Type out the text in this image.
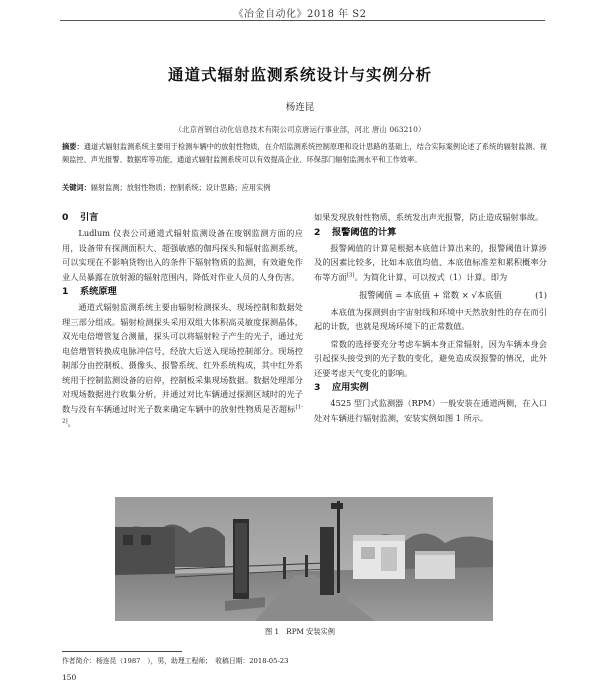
《冶金自动化》2018 年 S2
通道式辐射监测系统设计与实例分析
杨连昆
（北京首钢自动化信息技术有限公司京唐运行事业部，河北 唐山 063210）
摘要：通道式辐射监测系统主要用于检测车辆中的放射性物质，在介绍监测系统控制原理和设计思路的基础上，结合实际案例论述了系统的辐射监测、视频监控、声光报警、数据库等功能，通道式辐射监测系统可以有效提高企业、环保部门辐射监测水平和工作效率。
关键词：辐射监测；放射性物质；控制系统；设计思路；应用实例
0 引言

Ludlum 仪表公司通道式辐射监测设备在废钢监测方面的应用，设备带有探测面积大、超强敏感的伽玛探头和辐射监测系统，可以实现在不影响货物出入的条件下辐射物质的监测，有效避免作业人员暴露在放射源的辐射范围内，降低对作业人员的人身伤害。

1 系统原理

通道式辐射监测系统主要由辐射检测探头、现场控制和数据处理三部分组成。辐射检测探头采用双组大体积高灵敏度探测晶体，双光电倍增管复合测量，探头可以将辐射粒子产生的光子，通过光电倍增管转换成电脉冲信号，经放大后送入现场控制部分。现场控制部分由控制板、摄像头、报警系统、红外系统构成，其中红外系统用于控制监测设备的启停，控制板采集现场数据。数据处理部分对现场数据进行收集分析，并通过对比车辆通过探测区域时的光子数与没有车辆通过时光子数来确定车辆中的放射性物质是否超标[1-2]。

如果发现放射性物质，系统发出声光报警，防止造成辐射事故。

2 报警阈值的计算

报警阈值的计算是根据本底值计算出来的，报警阈值计算涉及的因素比较多，比如本底值均值、本底值标准差和累积概率分布等方面[3]。为简化计算，可以按式（1）计算。即为

报警阈值 = 本底值 + 常数 × √本底值	(1)

本底值为探测到由宇宙射线和环境中天然放射性的存在而引起的计数，也就是现场环境下的正常数值。

常数的选择要充分考虑车辆本身正常辐射，因为车辆本身会引起探头接受到的光子数的变化，避免造成误报警的情况，此外还要考虑天气变化的影响。

3 应用实例

4525 型门式监测器（RPM）一般安装在通道两侧，在入口处对车辆进行辐射监测，安装实例如图 1 所示。

图 1　RPM 安装实例
作者简介：杨连昆（1987　），男，助理工程师；　收稿日期：2018-05-23
150
